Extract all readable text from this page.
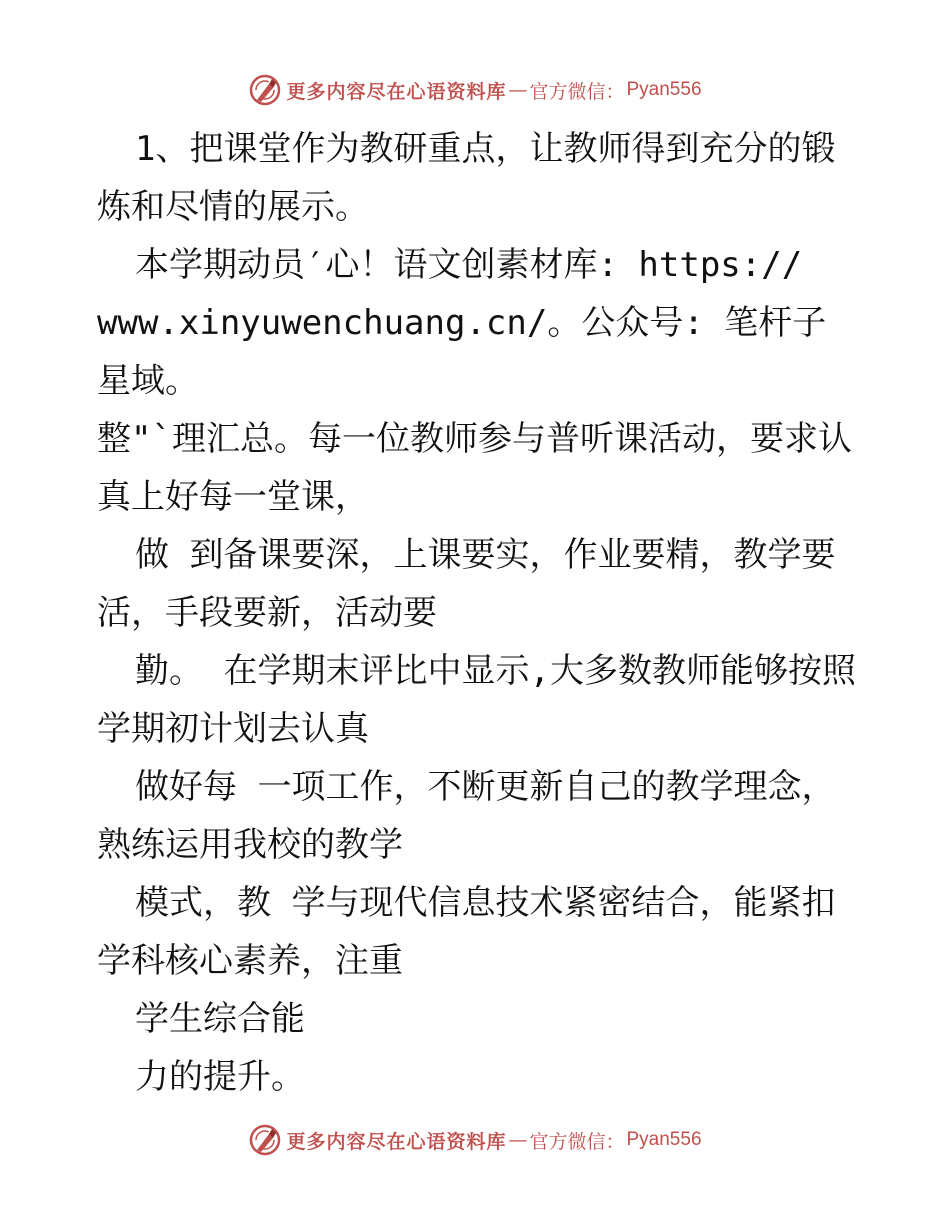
更多内容尽在心语资料库 — 官方微信： Pyan556

1、把课堂作为教研重点，让教师得到充分的锻

炼和尽情的展示。

本学期动员′心！语文创素材库: https://

www.xinyuwenchuang.cn/。公众号: 笔杆子星域。

整"`理汇总。每一位教师参与普听课活动，要求认

真上好每一堂课，

做 到备课要深，上课要实，作业要精，教学要

活，手段要新，活动要

勤。 在学期末评比中显示,大多数教师能够按照

学期初计划去认真

做好每 一项工作，不断更新自己的教学理念，

熟练运用我校的教学

模式，教 学与现代信息技术紧密结合，能紧扣

学科核心素养，注重

学生综合能

力的提升。

更多内容尽在心语资料库 — 官方微信： Pyan556
